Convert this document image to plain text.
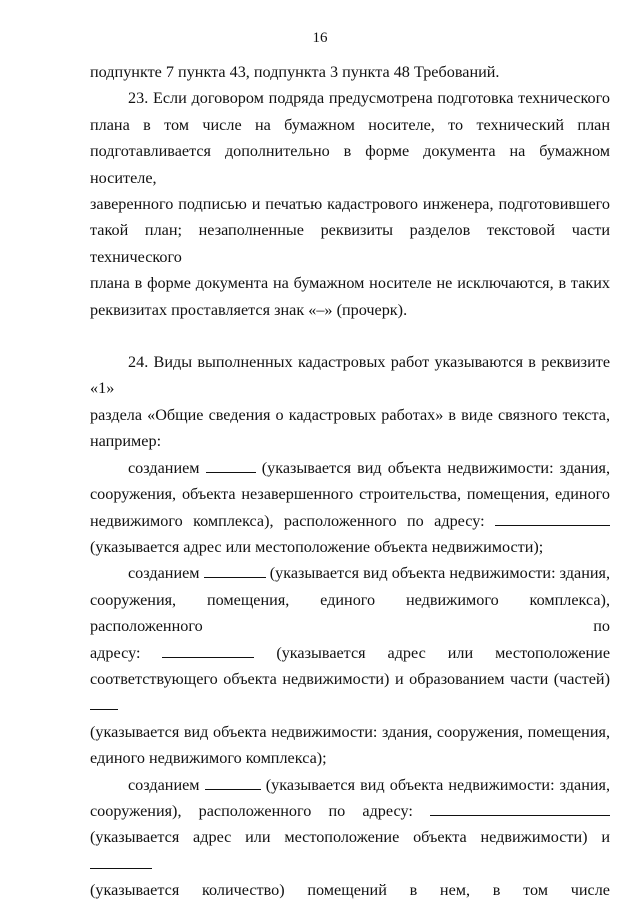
16

подпункте 7 пункта 43, подпункта 3 пункта 48 Требований.

23. Если договором подряда предусмотрена подготовка технического

плана в том числе на бумажном носителе, то технический план

подготавливается дополнительно в форме документа на бумажном носителе,

заверенного подписью и печатью кадастрового инженера, подготовившего

такой план; незаполненные реквизиты разделов текстовой части технического

плана в форме документа на бумажном носителе не исключаются, в таких

реквизитах проставляется знак «–» (прочерк).

24. Виды выполненных кадастровых работ указываются в реквизите «1»

раздела «Общие сведения о кадастровых работах» в виде связного текста,

например:

созданием	(указывается вид объекта недвижимости: здания,

сооружения, объекта незавершенного строительства, помещения, единого

недвижимого комплекса), расположенного по адресу:

(указывается адрес или местоположение объекта недвижимости);

созданием	(указывается вид объекта недвижимости: здания,

сооружения, помещения, единого недвижимого комплекса), расположенного по

адресу:	(указывается адрес или местоположение

соответствующего объекта недвижимости) и образованием части (частей)

(указывается вид объекта недвижимости: здания, сооружения, помещения,

единого недвижимого комплекса);

созданием	(указывается вид объекта недвижимости: здания,

сооружения), расположенного по адресу:

(указывается адрес или местоположение объекта недвижимости) и

(указывается количество) помещений в нем, в том числе
